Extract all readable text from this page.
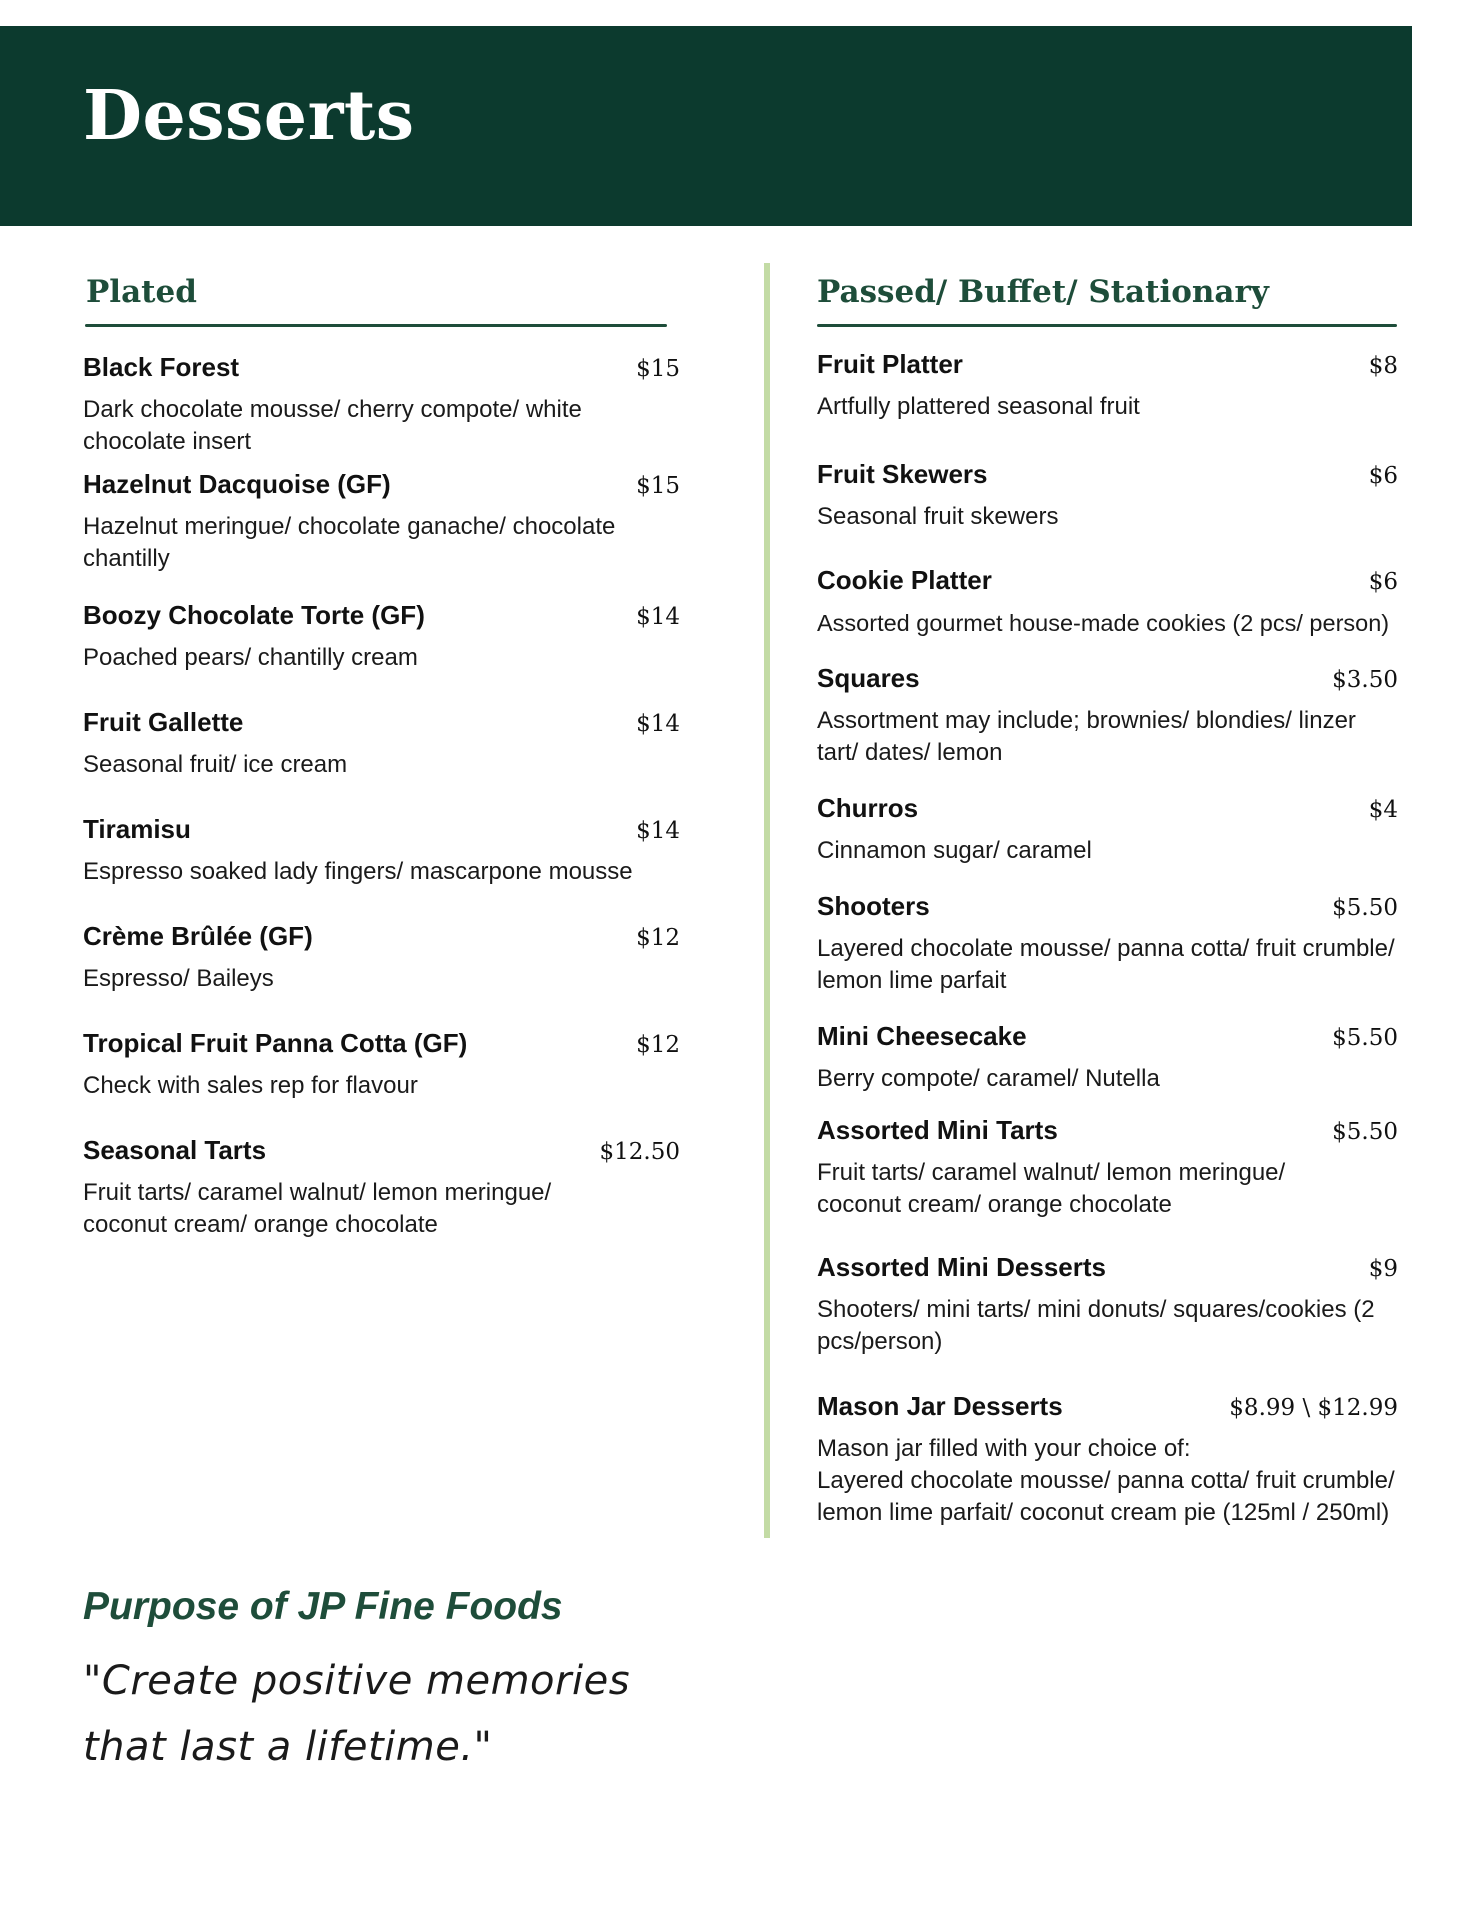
Desserts
Plated
Black Forest	$15
Dark chocolate mousse/ cherry compote/ white chocolate insert
Hazelnut Dacquoise (GF)	$15
Hazelnut meringue/ chocolate ganache/ chocolate chantilly
Boozy Chocolate Torte (GF)	$14
Poached pears/ chantilly cream
Fruit Gallette	$14
Seasonal fruit/ ice cream
Tiramisu	$14
Espresso soaked lady fingers/ mascarpone mousse
Crème Brûlée (GF)	$12
Espresso/ Baileys
Tropical Fruit Panna Cotta (GF)	$12
Check with sales rep for flavour
Seasonal Tarts	$12.50
Fruit tarts/ caramel walnut/ lemon meringue/ coconut cream/ orange chocolate
Passed/ Buffet/ Stationary
Fruit Platter	$8
Artfully plattered seasonal fruit
Fruit Skewers	$6
Seasonal fruit skewers
Cookie Platter	$6
Assorted gourmet house-made cookies (2 pcs/ person)
Squares	$3.50
Assortment may include; brownies/ blondies/ linzer tart/ dates/ lemon
Churros	$4
Cinnamon sugar/ caramel
Shooters	$5.50
Layered chocolate mousse/ panna cotta/ fruit crumble/ lemon lime parfait
Mini Cheesecake	$5.50
Berry compote/ caramel/ Nutella
Assorted Mini Tarts	$5.50
Fruit tarts/ caramel walnut/ lemon meringue/ coconut cream/ orange chocolate
Assorted Mini Desserts	$9
Shooters/ mini tarts/ mini donuts/ squares/cookies (2 pcs/person)
Mason Jar Desserts	$8.99 \ $12.99
Mason jar filled with your choice of:
Layered chocolate mousse/ panna cotta/ fruit crumble/ lemon lime parfait/ coconut cream pie (125ml / 250ml)
Purpose of JP Fine Foods
"Create positive memories that last a lifetime."
